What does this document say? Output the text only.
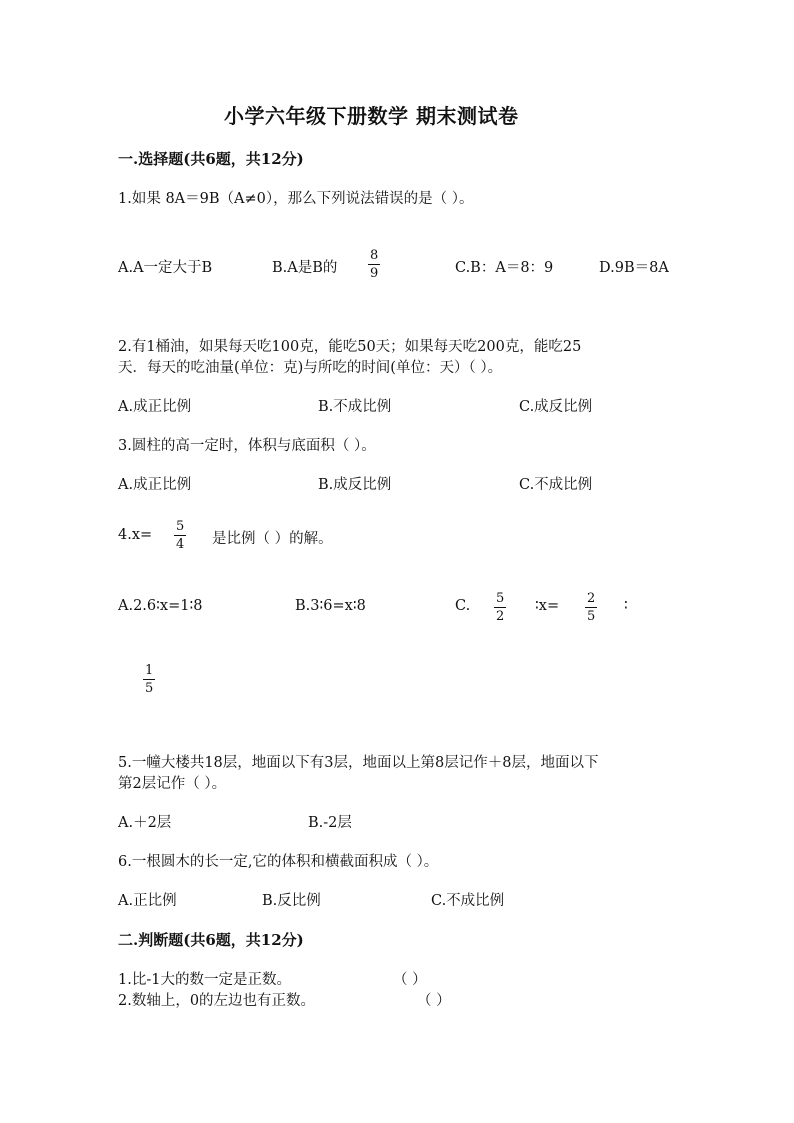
小学六年级下册数学 期末测试卷
一.选择题(共6题，共12分)
1.如果 8A＝9B（A≠0），那么下列说法错误的是（ ）。
A.A一定大于B	B.A是B的
8
9	C.B：A＝8：9	D.9B＝8A
2.有1桶油，如果每天吃100克，能吃50天；如果每天吃200克，能吃25
天．每天的吃油量(单位：克)与所吃的时间(单位：天）（ ）。
A.成正比例	B.不成比例	C.成反比例
3.圆柱的高一定时，体积与底面积（ ）。
A.成正比例	B.成反比例	C.不成比例
4.x=
5
4 是比例（ ）的解。
A.2.6∶x=1∶8	B.3∶6=x∶8	C. 5
2
∶x= 2
5
∶
1
5
5.一幢大楼共18层，地面以下有3层，地面以上第8层记作＋8层，地面以下
第2层记作（ ）。
A.＋2层	B.-2层
6.一根圆木的长一定,它的体积和横截面积成（ ）。
A.正比例	B.反比例	C.不成比例
二.判断题(共6题，共12分)
1.比-1大的数一定是正数。	（ ）
2.数轴上，0的左边也有正数。	（ ）
